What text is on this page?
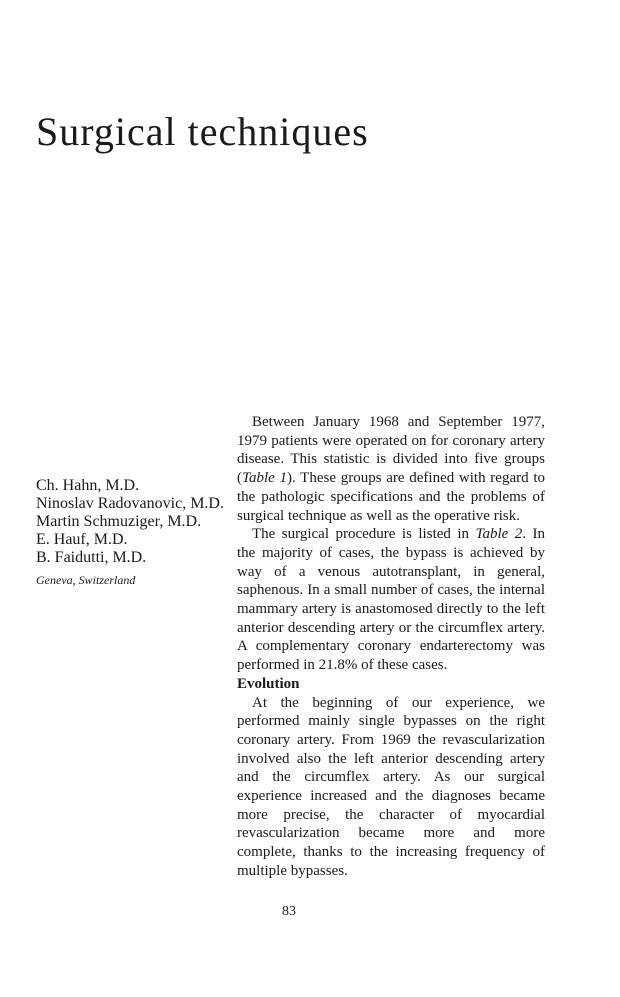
Surgical techniques
Ch. Hahn, M.D.
Ninoslav Radovanovic, M.D.
Martin Schmuziger, M.D.
E. Hauf, M.D.
B. Faidutti, M.D.
Geneva, Switzerland

Between January 1968 and September 1977, 1979 patients were operated on for coronary artery disease. This statistic is divided into five groups (Table 1). These groups are defined with regard to the pathologic specifications and the problems of surgical technique as well as the operative risk.

The surgical procedure is listed in Table 2. In the majority of cases, the bypass is achieved by way of a venous autotransplant, in general, saphenous. In a small number of cases, the internal mammary artery is anastomosed directly to the left anterior descending artery or the circumflex artery. A complementary coronary endarterectomy was performed in 21.8% of these cases.

Evolution

At the beginning of our experience, we performed mainly single bypasses on the right coronary artery. From 1969 the revascularization involved also the left anterior descending artery and the circumflex artery. As our surgical experience increased and the diagnoses became more precise, the character of myocardial revascularization became more and more complete, thanks to the increasing frequency of multiple bypasses.

83
